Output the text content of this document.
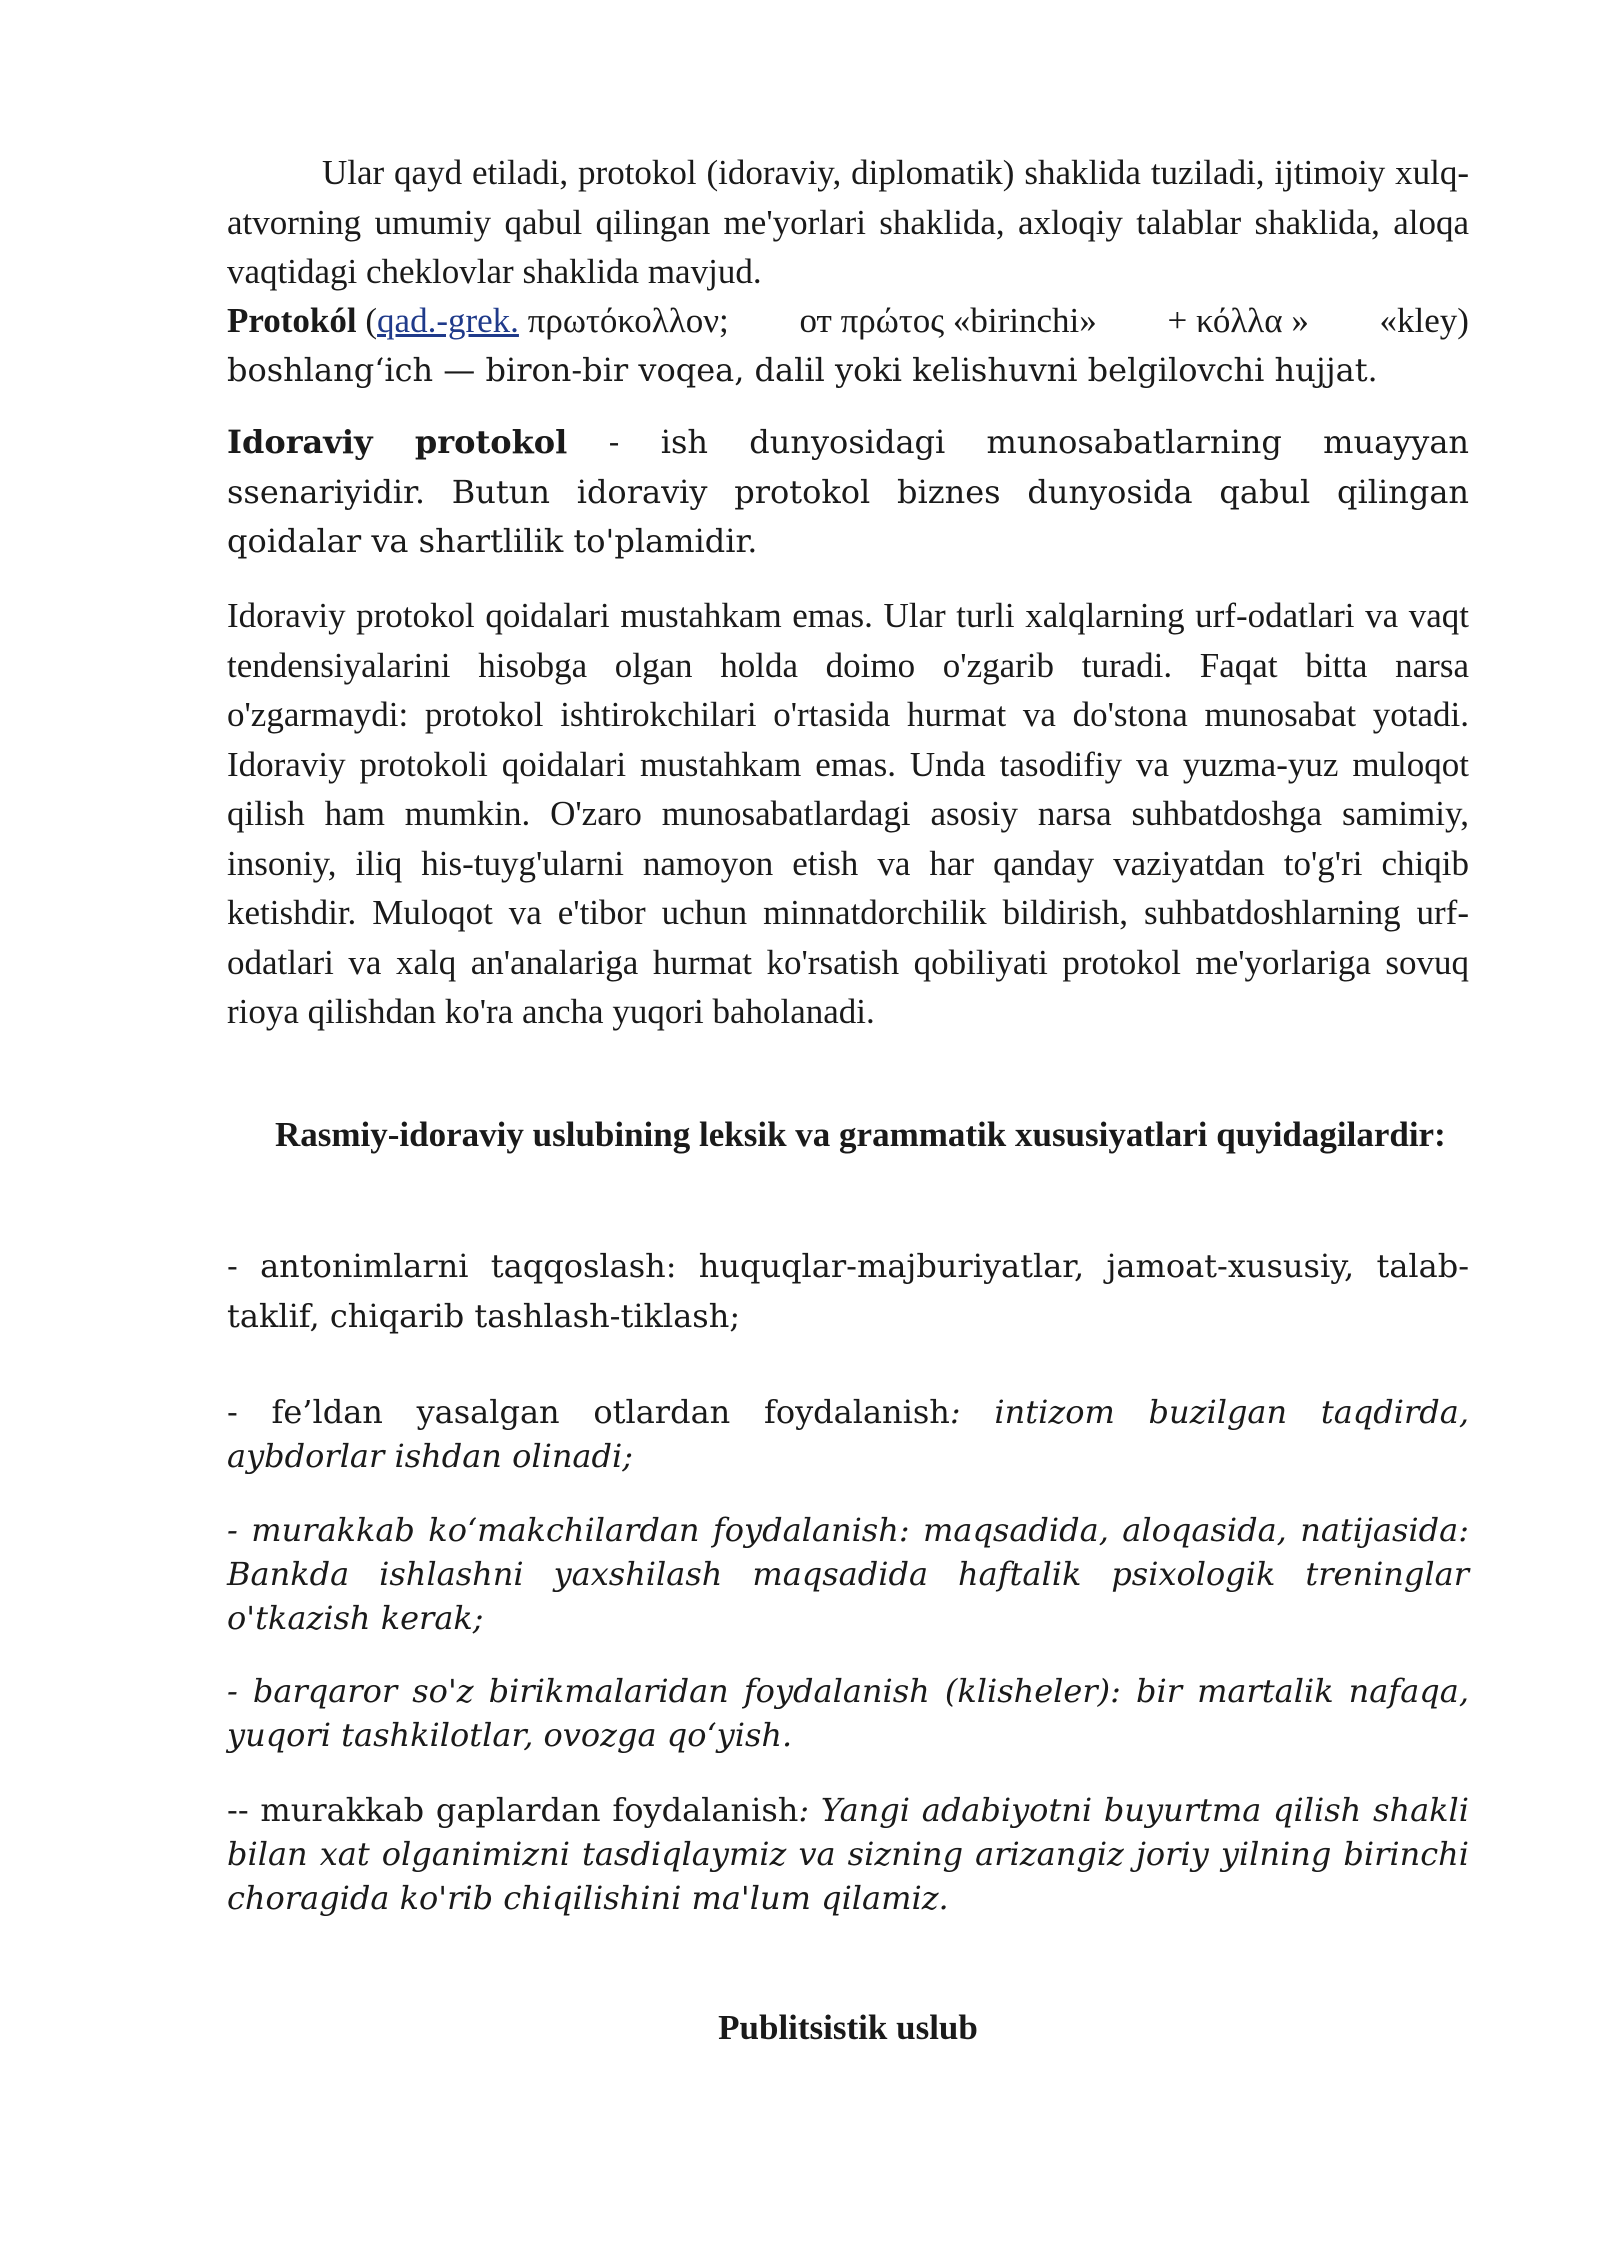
Ular qayd etiladi, protokol (idoraviy, diplomatik) shaklida tuziladi, ijtimoiy xulq-atvorning umumiy qabul qilingan me'yorlari shaklida, axloqiy talablar shaklida, aloqa vaqtidagi cheklovlar shaklida mavjud.

Protokól (qad.-grek. πρωτόκολλον; от πρώτος «birinchi» + κόλλα » «kley)
boshlang‘ich — biron-bir voqea, dalil yoki kelishuvni belgilovchi hujjat.

Idoraviy protokol - ish dunyosidagi munosabatlarning muayyan ssenariyidir. Butun idoraviy protokol biznes dunyosida qabul qilingan qoidalar va shartlilik to'plamidir.

Idoraviy protokol qoidalari mustahkam emas. Ular turli xalqlarning urf-odatlari va vaqt tendensiyalarini hisobga olgan holda doimo o'zgarib turadi. Faqat bitta narsa o'zgarmaydi: protokol ishtirokchilari o'rtasida hurmat va do'stona munosabat yotadi. Idoraviy protokoli qoidalari mustahkam emas. Unda tasodifiy va yuzma-yuz muloqot qilish ham mumkin. O'zaro munosabatlardagi asosiy narsa suhbatdoshga samimiy, insoniy, iliq his-tuyg'ularni namoyon etish va har qanday vaziyatdan to'g'ri chiqib ketishdir. Muloqot va e'tibor uchun minnatdorchilik bildirish, suhbatdoshlarning urf-odatlari va xalq an'analariga hurmat ko'rsatish qobiliyati protokol me'yorlariga sovuq rioya qilishdan ko'ra ancha yuqori baholanadi.

Rasmiy-idoraviy uslubining leksik va grammatik xususiyatlari quyidagilardir:

- antonimlarni taqqoslash: huquqlar-majburiyatlar, jamoat-xususiy, talab-taklif, chiqarib tashlash-tiklash;

- fe’ldan yasalgan otlardan foydalanish: intizom buzilgan taqdirda, aybdorlar ishdan olinadi;

- murakkab ko‘makchilardan foydalanish: maqsadida, aloqasida, natijasida: Bankda ishlashni yaxshilash maqsadida haftalik psixologik treninglar o'tkazish kerak;

- barqaror so'z birikmalaridan foydalanish (klisheler): bir martalik nafaqa, yuqori tashkilotlar, ovozga qo‘yish.

-- murakkab gaplardan foydalanish: Yangi adabiyotni buyurtma qilish shakli bilan xat olganimizni tasdiqlaymiz va sizning arizangiz joriy yilning birinchi choragida ko'rib chiqilishini ma'lum qilamiz.

Publitsistik uslub
